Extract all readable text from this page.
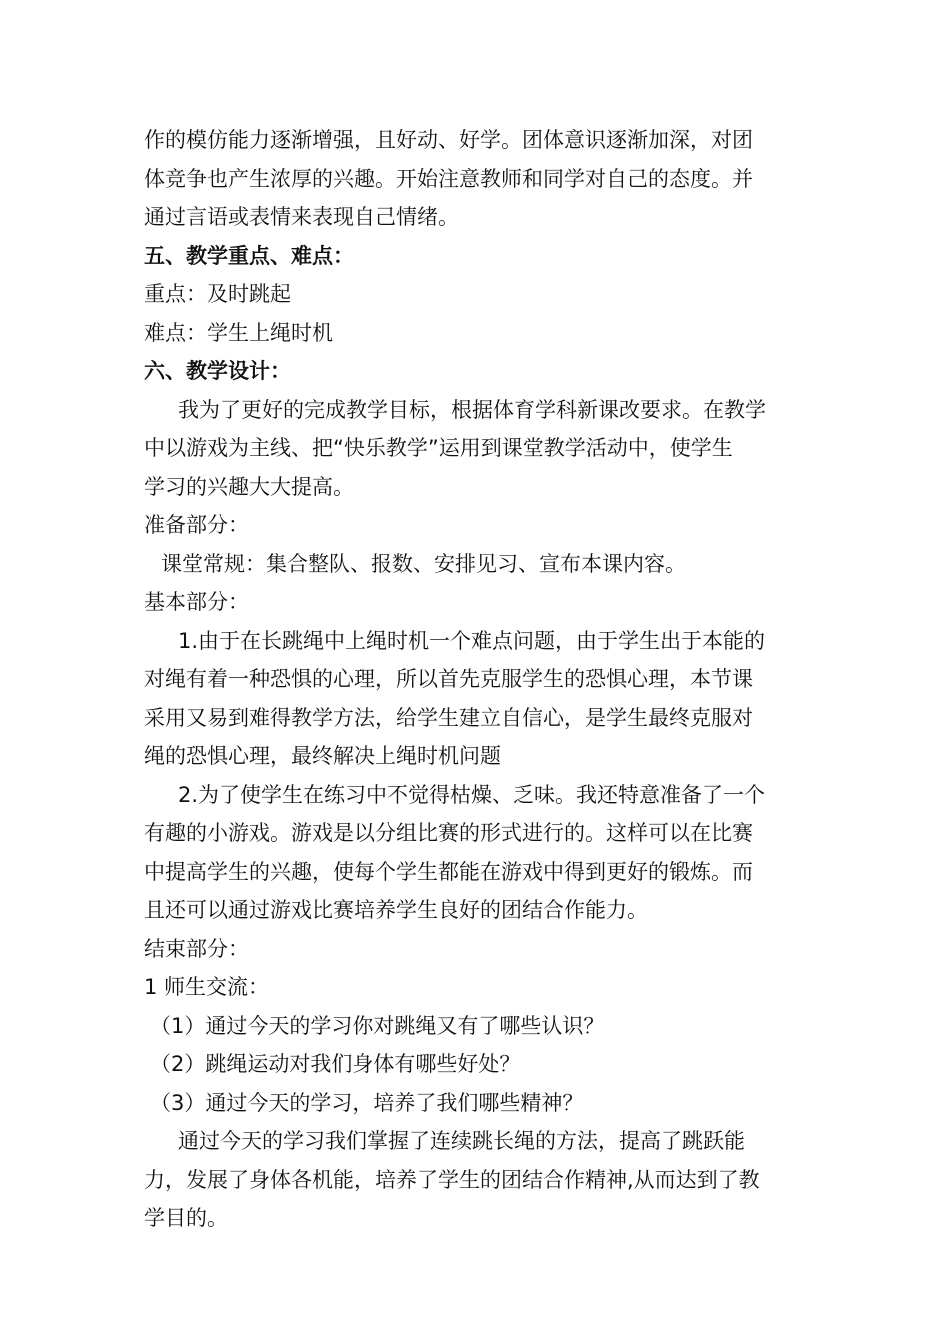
作的模仿能力逐渐增强，且好动、好学。团体意识逐渐加深，对团
体竞争也产生浓厚的兴趣。开始注意教师和同学对自己的态度。并
通过言语或表情来表现自己情绪。
五、教学重点、难点：
重点：及时跳起
难点：学生上绳时机
六、教学设计：
我为了更好的完成教学目标，根据体育学科新课改要求。在教学
中以游戏为主线、把“快乐教学”运用到课堂教学活动中，使学生
学习的兴趣大大提高。
准备部分：
课堂常规：集合整队、报数、安排见习、宣布本课内容。
基本部分：
1.由于在长跳绳中上绳时机一个难点问题，由于学生出于本能的
对绳有着一种恐惧的心理，所以首先克服学生的恐惧心理，本节课
采用又易到难得教学方法，给学生建立自信心，是学生最终克服对
绳的恐惧心理，最终解决上绳时机问题
2.为了使学生在练习中不觉得枯燥、乏味。我还特意准备了一个
有趣的小游戏。游戏是以分组比赛的形式进行的。这样可以在比赛
中提高学生的兴趣，使每个学生都能在游戏中得到更好的锻炼。而
且还可以通过游戏比赛培养学生良好的团结合作能力。
结束部分：
1 师生交流：
（1）通过今天的学习你对跳绳又有了哪些认识？
（2）跳绳运动对我们身体有哪些好处？
（3）通过今天的学习，培养了我们哪些精神？
通过今天的学习我们掌握了连续跳长绳的方法，提高了跳跃能
力，发展了身体各机能，培养了学生的团结合作精神,从而达到了教
学目的。
